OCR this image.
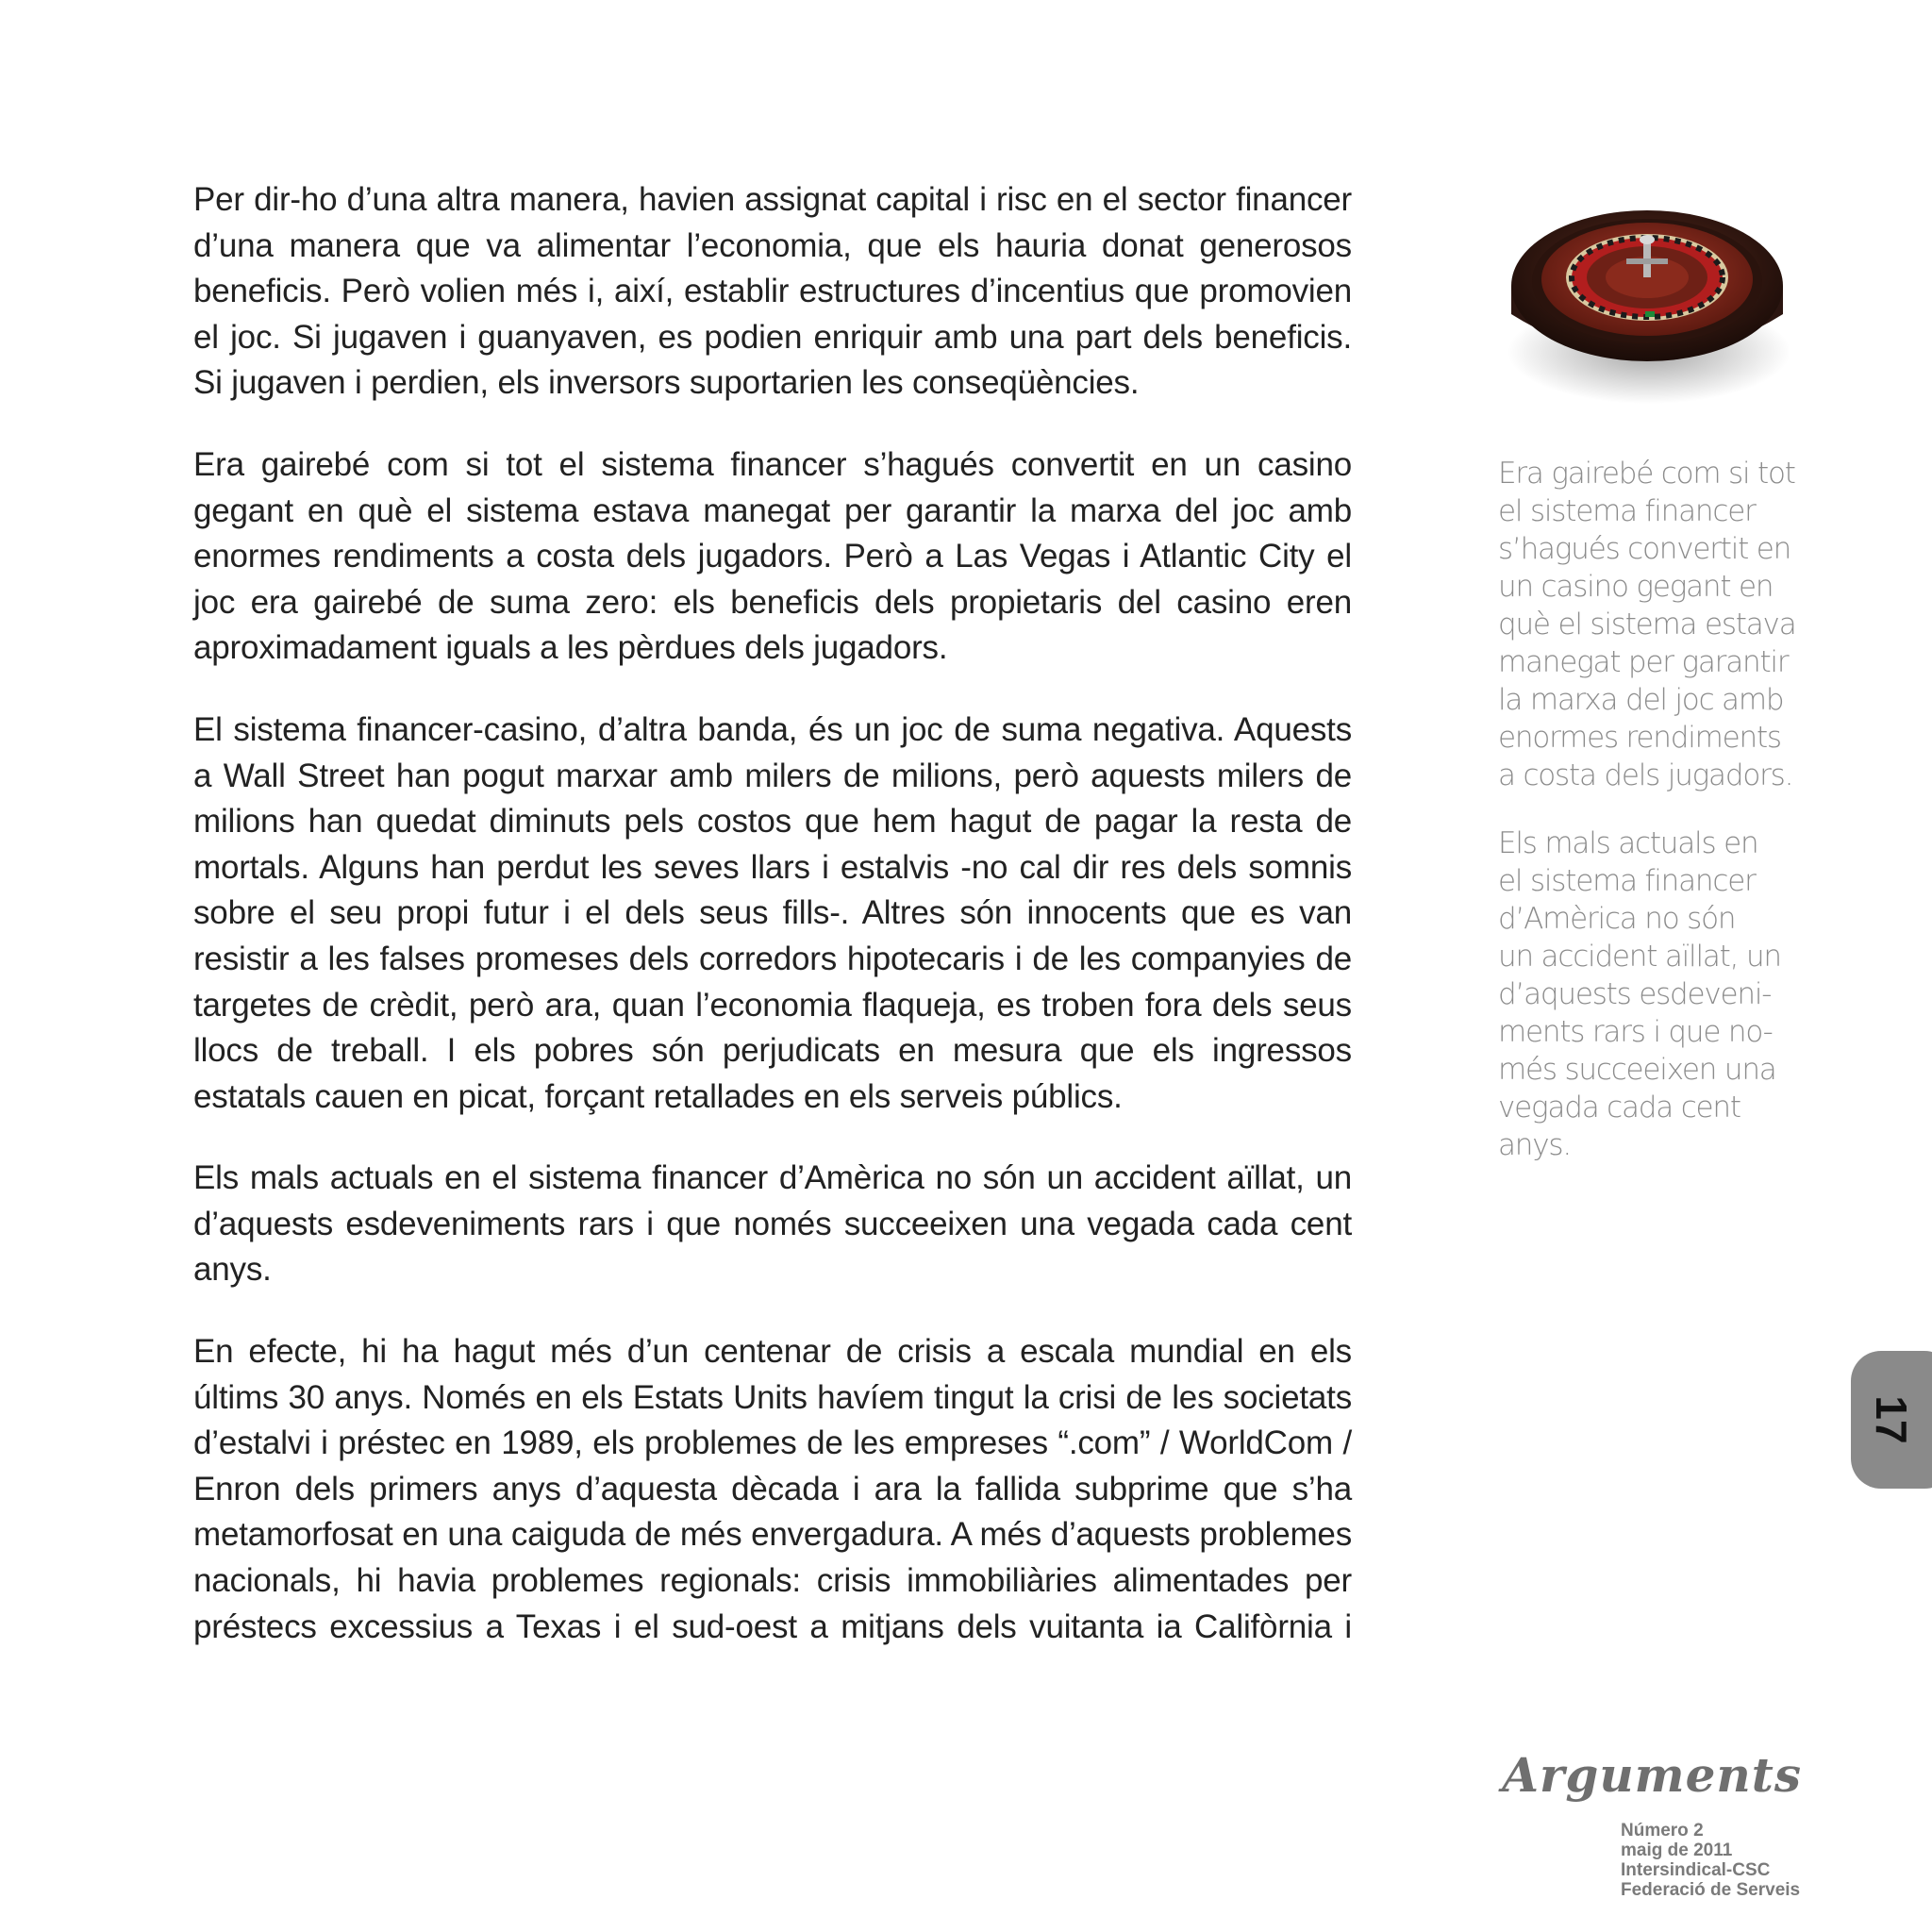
Per dir-ho d’una altra manera, havien assignat capital i risc en el sector financer d’una manera que va alimentar l’economia, que els hauria donat generosos beneficis. Però volien més i, així, establir estructures d’incentius que promovien el joc. Si jugaven i guanyaven, es podien enriquir amb una part dels beneficis. Si jugaven i perdien, els inversors suportarien les conseqüències.

Era gairebé com si tot el sistema financer s’hagués convertit en un casino gegant en què el sistema estava manegat per garantir la marxa del joc amb enormes rendiments a costa dels jugadors. Però a Las Vegas i Atlantic City el joc era gairebé de suma zero: els beneficis dels propietaris del casino eren aproximadament iguals a les pèrdues dels jugadors.

El sistema financer-casino, d’altra banda, és un joc de suma negativa. Aquests a Wall Street han pogut marxar amb milers de milions, però aquests milers de milions han quedat diminuts pels costos que hem hagut de pagar la resta de mortals. Alguns han perdut les seves llars i estalvis -no cal dir res dels somnis sobre el seu propi futur i el dels seus fills-. Altres són innocents que es van resistir a les falses promeses dels corredors hipotecaris i de les companyies de targetes de crèdit, però ara, quan l’economia flaqueja, es troben fora dels seus llocs de treball. I els pobres són perjudicats en mesura que els ingressos estatals cauen en picat, forçant retallades en els serveis públics.

Els mals actuals en el sistema financer d’Amèrica no són un accident aïllat, un d’aquests esdeveniments rars i que només succeeixen una vegada cada cent anys.

En efecte, hi ha hagut més d’un centenar de crisis a escala mundial en els últims 30 anys. Només en els Estats Units havíem tingut la crisi de les societats d’estalvi i préstec en 1989, els problemes de les empreses “.com” / WorldCom / Enron dels primers anys d’aquesta dècada i ara la fallida subprime que s’ha metamorfosat en una caiguda de més envergadura. A més d’aquests problemes nacionals, hi havia problemes regionals: crisis immobiliàries alimentades per préstecs excessius a Texas i el sud-oest a mitjans dels vuitanta ia Califòrnia i

Era gairebé com si tot
el sistema financer
s’hagués convertit en
un casino gegant en
què el sistema estava
manegat per garantir
la marxa del joc amb
enormes rendiments
a costa dels jugadors.

Els mals actuals en
el sistema financer
d’Amèrica no són
un accident aïllat, un
d’aquests esdeveni-
ments rars i que no-
més succeeixen una
vegada cada cent
anys.

17
Arguments
Número 2
maig de 2011
Intersindical-CSC
Federació de Serveis
